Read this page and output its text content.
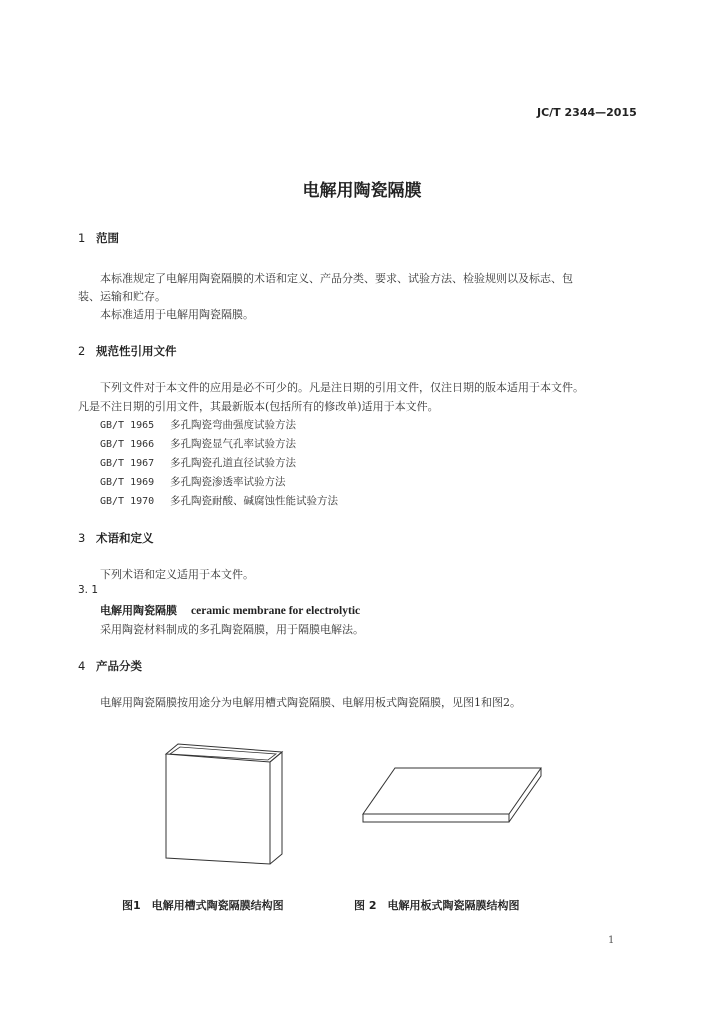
JC/T 2344—2015
电解用陶瓷隔膜
1 范围
本标准规定了电解用陶瓷隔膜的术语和定义、产品分类、要求、试验方法、检验规则以及标志、包
装、运输和贮存。
本标准适用于电解用陶瓷隔膜。
2 规范性引用文件
下列文件对于本文件的应用是必不可少的。凡是注日期的引用文件，仅注日期的版本适用于本文件。
凡是不注日期的引用文件，其最新版本(包括所有的修改单)适用于本文件。
GB/T 1965 多孔陶瓷弯曲强度试验方法
GB/T 1966 多孔陶瓷显气孔率试验方法
GB/T 1967 多孔陶瓷孔道直径试验方法
GB/T 1969 多孔陶瓷渗透率试验方法
GB/T 1970 多孔陶瓷耐酸、碱腐蚀性能试验方法
3 术语和定义
下列术语和定义适用于本文件。
3. 1
电解用陶瓷隔膜 ceramic membrane for electrolytic
采用陶瓷材料制成的多孔陶瓷隔膜，用于隔膜电解法。
4 产品分类
电解用陶瓷隔膜按用途分为电解用槽式陶瓷隔膜、电解用板式陶瓷隔膜，见图1和图2。
图1　电解用槽式陶瓷隔膜结构图	图 2　电解用板式陶瓷隔膜结构图
1
